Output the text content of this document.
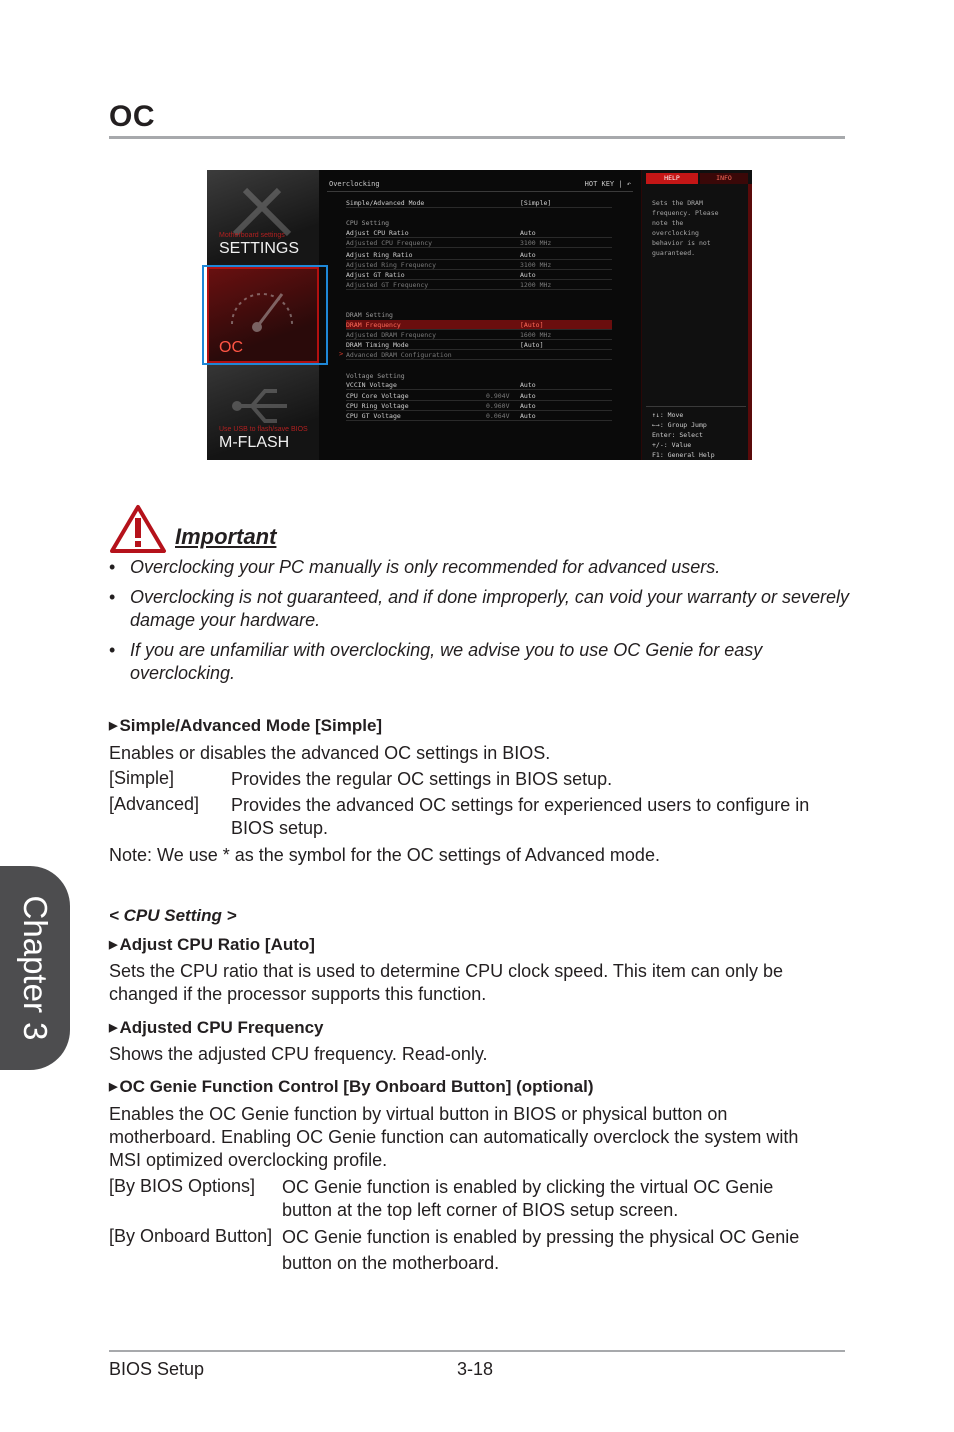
OC
Motherboard settings
SETTINGS
OC
Use USB to flash/save BIOS
M-FLASH
Overclocking	HOT KEY | ↶
Simple/Advanced Mode	[Simple]
CPU Setting
Adjust CPU Ratio	Auto
Adjusted CPU Frequency	3100 MHz
Adjust Ring Ratio	Auto
Adjusted Ring Frequency	3100 MHz
Adjust GT Ratio	Auto
Adjusted GT Frequency	1200 MHz
DRAM Setting
DRAM Frequency	[Auto]
Adjusted DRAM Frequency	1600 MHz
DRAM Timing Mode	[Auto]
> Advanced DRAM Configuration
Voltage Setting
VCCIN Voltage	Auto
CPU Core Voltage	0.904V Auto
CPU Ring Voltage	0.960V Auto
CPU GT Voltage	0.064V Auto
HELP	INFO
Sets the DRAM
frequency. Please
note the
overclocking
behavior is not
guaranteed.
↑↓: Move
←→: Group Jump
Enter: Select
+/-: Value
F1: General Help
Important
• Overclocking your PC manually is only recommended for advanced users.
• Overclocking is not guaranteed, and if done improperly, can void your warranty or severely damage your hardware.
• If you are unfamiliar with overclocking, we advise you to use OC Genie for easy overclocking.
▶ Simple/Advanced Mode [Simple]
Enables or disables the advanced OC settings in BIOS.
[Simple]	Provides the regular OC settings in BIOS setup.
[Advanced] Provides the advanced OC settings for experienced users to configure in BIOS setup.
Note: We use * as the symbol for the OC settings of Advanced mode.
< CPU Setting >
▶ Adjust CPU Ratio [Auto]
Sets the CPU ratio that is used to determine CPU clock speed. This item can only be changed if the processor supports this function.
▶ Adjusted CPU Frequency
Shows the adjusted CPU frequency. Read-only.
▶ OC Genie Function Control [By Onboard Button] (optional)
Enables the OC Genie function by virtual button in BIOS or physical button on motherboard. Enabling OC Genie function can automatically overclock the system with MSI optimized overclocking profile.
[By BIOS Options] OC Genie function is enabled by clicking the virtual OC Genie button at the top left corner of BIOS setup screen.
[By Onboard Button] OC Genie function is enabled by pressing the physical OC Genie
button on the motherboard.
Chapter 3
BIOS Setup	3-18
